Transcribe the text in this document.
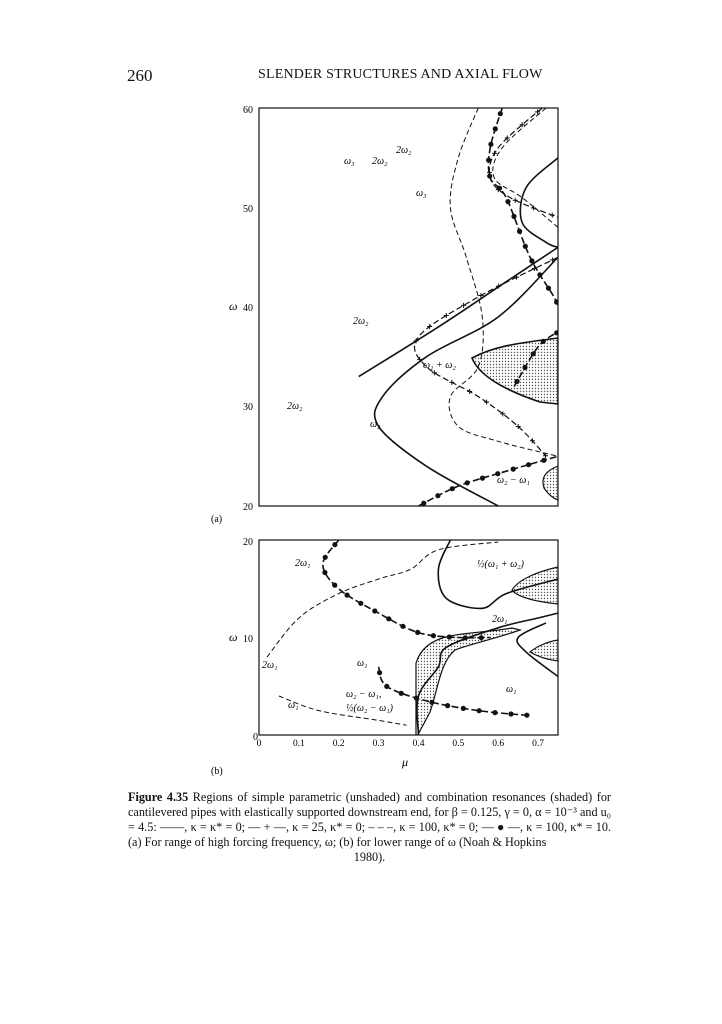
260	SLENDER STRUCTURES AND AXIAL FLOW
60
50
40
30
20
ω
(a)
ω₃ 2ω₂
2ω₂
ω₃
2ω₂
ω₁ + ω₂
2ω₂
ω₂
ω₂ − ω₁
20
10
0
0	0.1	0.2	0.3	0.4	0.5	0.6	0.7
ω
μ
(b)
2ω₁	½(ω₁ + ω₂)
2ω₁
2ω₁	ω₁
ω₂ − ω₁,
½(ω₂ − ω₁)
ω₁
ω₁
Figure 4.35 Regions of simple parametric (unshaded) and combination resonances (shaded) for cantilevered pipes with elastically supported downstream end, for β = 0.125, γ = 0, α = 10⁻³ and u₀ = 4.5: ——, κ = κ* = 0; — + —, κ = 25, κ* = 0; – – –, κ = 100, κ* = 0; — ● —, κ = 100, κ* = 10. (a) For range of high forcing frequency, ω; (b) for lower range of ω (Noah & Hopkins
1980).
